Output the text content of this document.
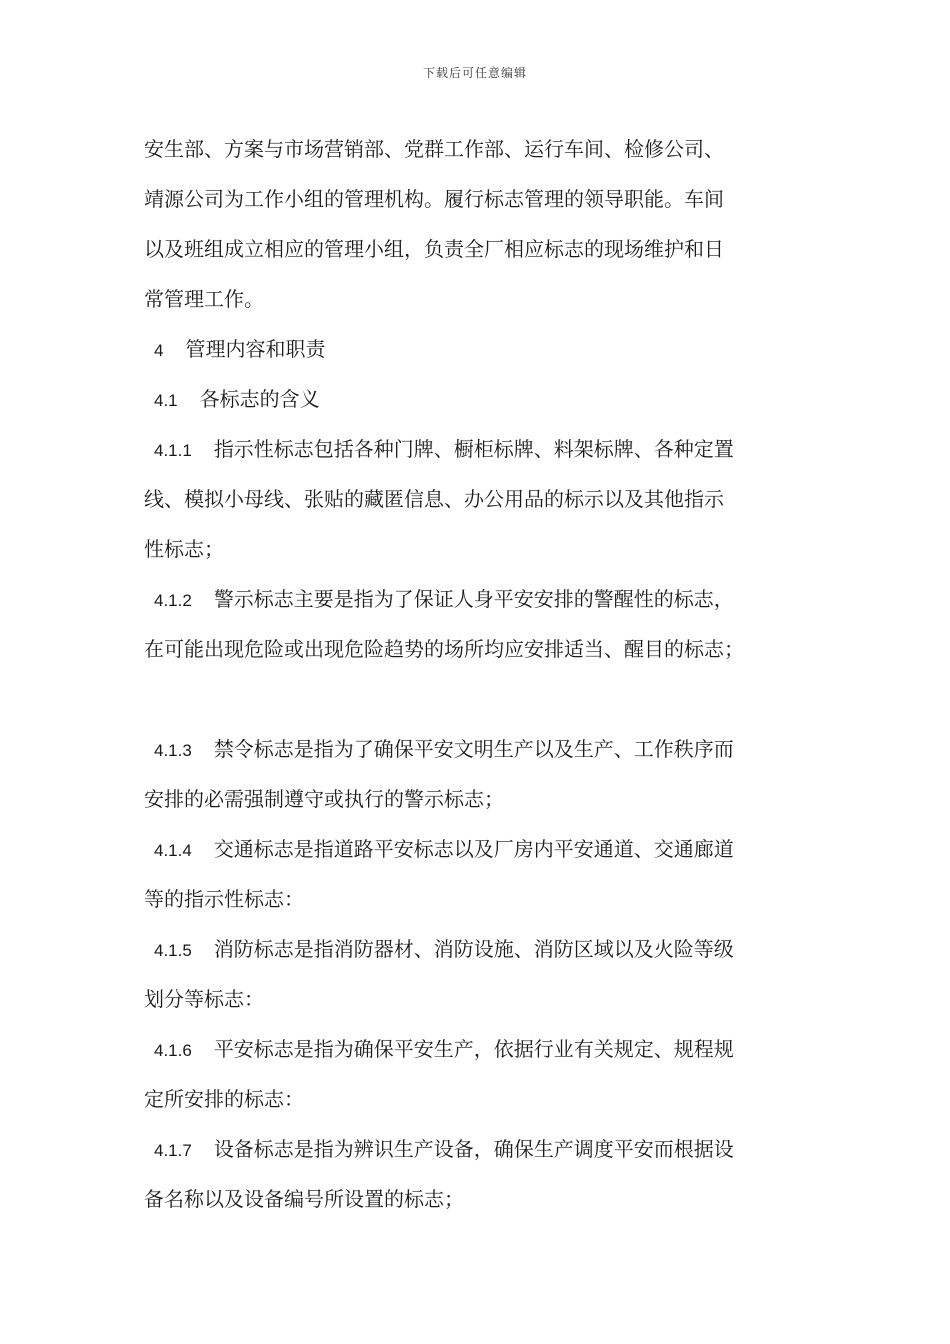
下载后可任意编辑
安生部、方案与市场营销部、党群工作部、运行车间、检修公司、
靖源公司为工作小组的管理机构。履行标志管理的领导职能。车间
以及班组成立相应的管理小组，负责全厂相应标志的现场维护和日
常管理工作。
4 管理内容和职责
4.1 各标志的含义
4.1.1 指示性标志包括各种门牌、橱柜标牌、料架标牌、各种定置
线、模拟小母线、张贴的藏匿信息、办公用品的标示以及其他指示
性标志；
4.1.2 警示标志主要是指为了保证人身平安安排的警醒性的标志，
在可能出现危险或出现危险趋势的场所均应安排适当、醒目的标志；
4.1.3 禁令标志是指为了确保平安文明生产以及生产、工作秩序而
安排的必需强制遵守或执行的警示标志；
4.1.4 交通标志是指道路平安标志以及厂房内平安通道、交通廊道
等的指示性标志：
4.1.5 消防标志是指消防器材、消防设施、消防区域以及火险等级
划分等标志：
4.1.6 平安标志是指为确保平安生产，依据行业有关规定、规程规
定所安排的标志：
4.1.7 设备标志是指为辨识生产设备，确保生产调度平安而根据设
备名称以及设备编号所设置的标志；
